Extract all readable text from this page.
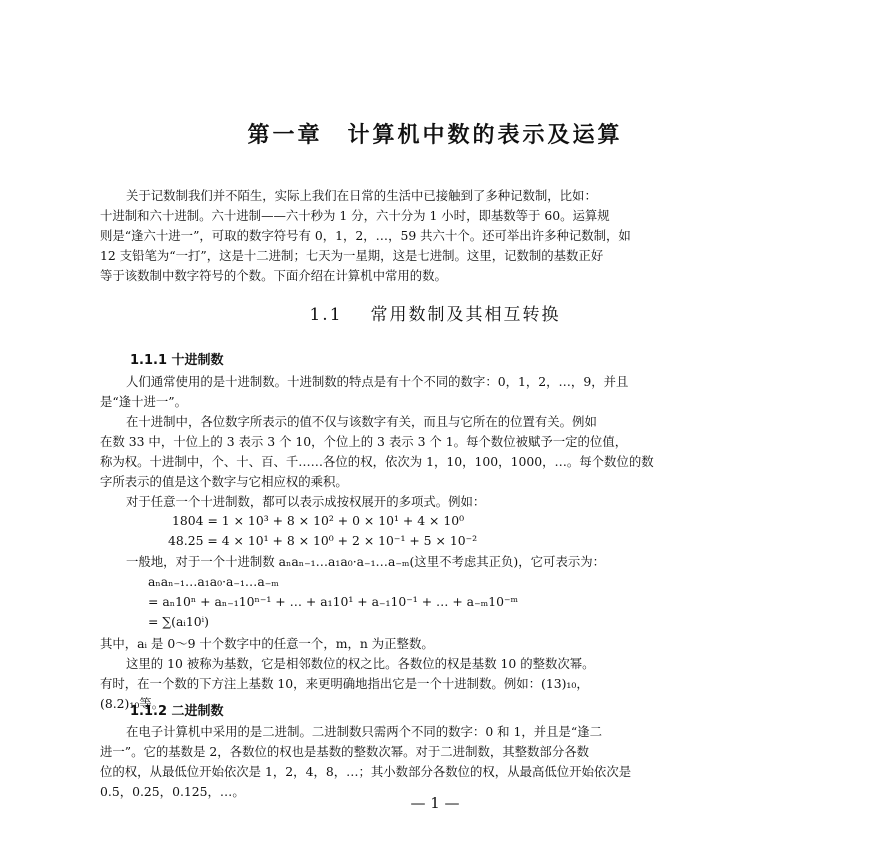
第一章　计算机中数的表示及运算
关于记数制我们并不陌生，实际上我们在日常的生活中已接触到了多种记数制，比如：
十进制和六十进制。六十进制——六十秒为 1 分，六十分为 1 小时，即基数等于 60。运算规
则是“逢六十进一”，可取的数字符号有 0，1，2，…，59 共六十个。还可举出许多种记数制，如
12 支铅笔为“一打”，这是十二进制；七天为一星期，这是七进制。这里，记数制的基数正好
等于该数制中数字符号的个数。下面介绍在计算机中常用的数。
1.1 常用数制及其相互转换
1.1.1 十进制数
人们通常使用的是十进制数。十进制数的特点是有十个不同的数字：0，1，2，…，9，并且
是“逢十进一”。
在十进制中，各位数字所表示的值不仅与该数字有关，而且与它所在的位置有关。例如
在数 33 中，十位上的 3 表示 3 个 10，个位上的 3 表示 3 个 1。每个数位被赋予一定的位值，
称为权。十进制中，个、十、百、千……各位的权，依次为 1，10，100，1000，…。每个数位的数
字所表示的值是这个数字与它相应权的乘积。
对于任意一个十进制数，都可以表示成按权展开的多项式。例如：
1804 = 1 × 10³ + 8 × 10² + 0 × 10¹ + 4 × 10⁰
48.25 = 4 × 10¹ + 8 × 10⁰ + 2 × 10⁻¹ + 5 × 10⁻²
一般地，对于一个十进制数 aₙaₙ₋₁…a₁a₀·a₋₁…a₋ₘ(这里不考虑其正负)，它可表示为：
aₙaₙ₋₁…a₁a₀·a₋₁…a₋ₘ
= aₙ10ⁿ + aₙ₋₁10ⁿ⁻¹ + … + a₁10¹ + a₋₁10⁻¹ + … + a₋ₘ10⁻ᵐ
= ∑(aᵢ10ⁱ)
其中，aᵢ 是 0～9 十个数字中的任意一个，m，n 为正整数。
这里的 10 被称为基数，它是相邻数位的权之比。各数位的权是基数 10 的整数次幂。
有时，在一个数的下方注上基数 10，来更明确地指出它是一个十进制数。例如：(13)₁₀，
(8.2)₁₀等。
1.1.2 二进制数
在电子计算机中采用的是二进制。二进制数只需两个不同的数字：0 和 1，并且是“逢二
进一”。它的基数是 2，各数位的权也是基数的整数次幂。对于二进制数，其整数部分各数
位的权，从最低位开始依次是 1，2，4，8，…；其小数部分各数位的权，从最高低位开始依次是
0.5，0.25，0.125，…。
— 1 —
